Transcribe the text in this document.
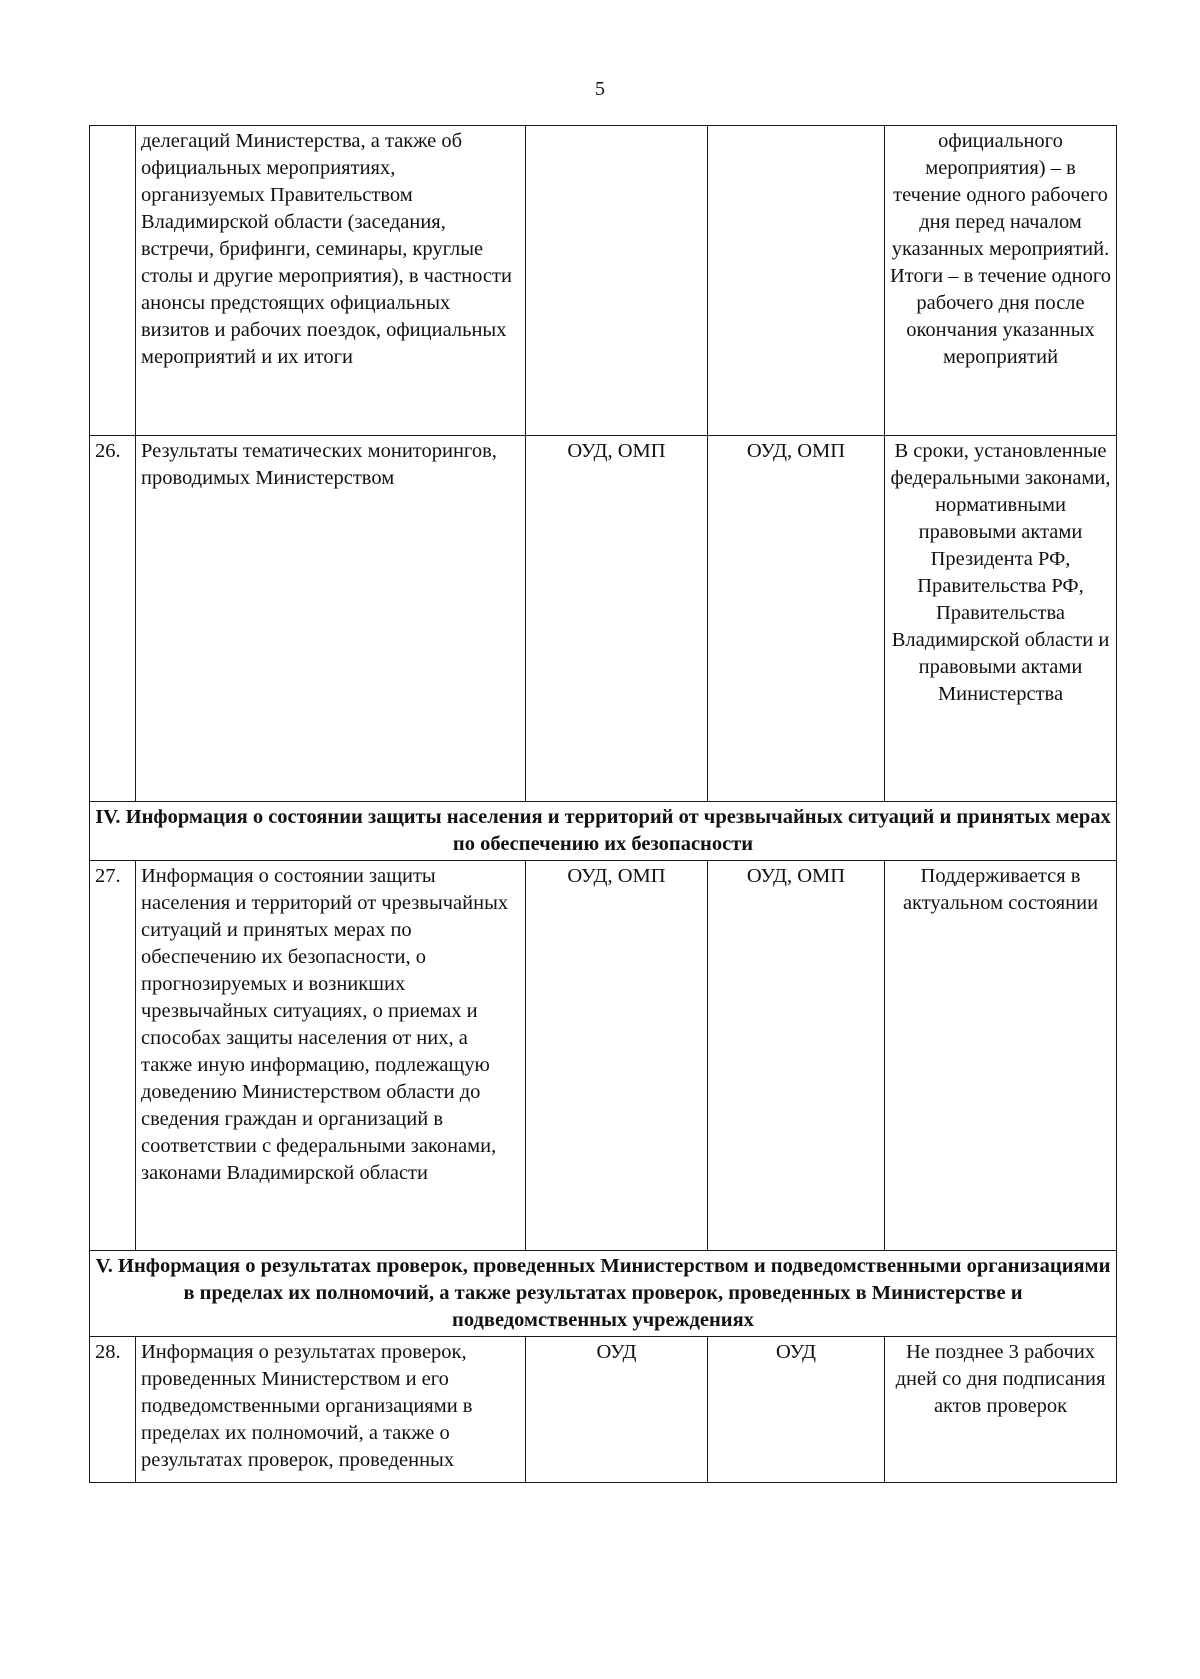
5
	делегаций Министерства, а также об официальных мероприятиях, организуемых Правительством Владимирской области (заседания, встречи, брифинги, семинары, круглые столы и другие мероприятия), в частности анонсы предстоящих официальных визитов и рабочих поездок, официальных мероприятий и их итоги			официального мероприятия) – в течение одного рабочего дня перед началом указанных мероприятий. Итоги – в течение одного рабочего дня после окончания указанных мероприятий
26.	Результаты тематических мониторингов, проводимых Министерством	ОУД, ОМП	ОУД, ОМП	В сроки, установленные федеральными законами, нормативными правовыми актами Президента РФ, Правительства РФ, Правительства Владимирской области и правовыми актами Министерства
IV. Информация о состоянии защиты населения и территорий от чрезвычайных ситуаций и принятых мерах по обеспечению их безопасности				
27.	Информация о состоянии защиты населения и территорий от чрезвычайных ситуаций и принятых мерах по обеспечению их безопасности, о прогнозируемых и возникших чрезвычайных ситуациях, о приемах и способах защиты населения от них, а также иную информацию, подлежащую доведению Министерством области до сведения граждан и организаций в соответствии с федеральными законами, законами Владимирской области	ОУД, ОМП	ОУД, ОМП	Поддерживается в актуальном состоянии
V. Информация о результатах проверок, проведенных Министерством и подведомственными организациями в пределах их полномочий, а также результатах проверок, проведенных в Министерстве и подведомственных учреждениях				
28.	Информация о результатах проверок, проведенных Министерством и его подведомственными организациями в пределах их полномочий, а также о результатах проверок, проведенных	ОУД	ОУД	Не позднее 3 рабочих дней со дня подписания актов проверок
